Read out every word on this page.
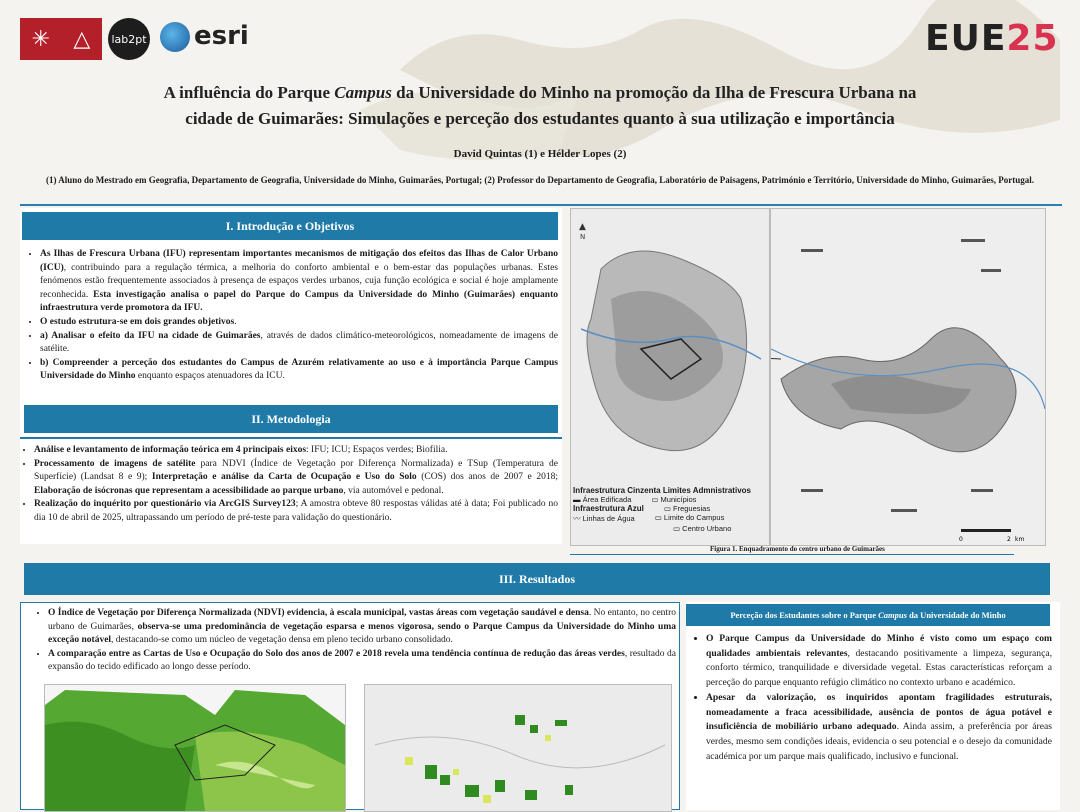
✳ △	lab2pt esri	EUE25
A influência do Parque Campus da Universidade do Minho na promoção da Ilha de Frescura Urbana na
cidade de Guimarães: Simulações e perceção dos estudantes quanto à sua utilização e importância
David Quintas (1) e Hélder Lopes (2)
(1) Aluno do Mestrado em Geografia, Departamento de Geografia, Universidade do Minho, Guimarães, Portugal; (2) Professor do Departamento de Geografia, Laboratório de Paisagens, Património e Território, Universidade do Minho, Guimarães, Portugal.
I. Introdução e Objetivos
• As Ilhas de Frescura Urbana (IFU) representam importantes mecanismos de mitigação dos efeitos das Ilhas de Calor Urbano (ICU), contribuindo para a regulação térmica, a melhoria do conforto ambiental e o bem-estar das populações urbanas. Estes fenómenos estão frequentemente associados à presença de espaços verdes urbanos, cuja função ecológica e social é hoje amplamente reconhecida. Esta investigação analisa o papel do Parque do Campus da Universidade do Minho (Guimarães) enquanto infraestrutura verde promotora da IFU.
• O estudo estrutura-se em dois grandes objetivos.
• a) Analisar o efeito da IFU na cidade de Guimarães, através de dados climático-meteorológicos, nomeadamente de imagens de satélite.
• b) Compreender a perceção dos estudantes do Campus de Azurém relativamente ao uso e à importância Parque Campus Universidade do Minho enquanto espaços atenuadores da ICU.
II. Metodologia
• Análise e levantamento de informação teórica em 4 principais eixos: IFU; ICU; Espaços verdes; Biofilia.
• Processamento de imagens de satélite para NDVI (Índice de Vegetação por Diferença Normalizada) e TSup (Temperatura de Superfície) (Landsat 8 e 9); Interpretação e análise da Carta de Ocupação e Uso do Solo (COS) dos anos de 2007 e 2018; Elaboração de isócronas que representam a acessibilidade ao parque urbano, via automóvel e pedonal.
• Realização do inquérito por questionário via ArcGIS Survey123; A amostra obteve 80 respostas válidas até à data; Foi publicado no dia 10 de abril de 2025, ultrapassando um período de pré-teste para validação do questionário.
▲
N
0	2 km
Infraestrutura Cinzenta Limites Admnistrativos
▬ Área Edificada	▭ Municípios
Infraestrutura Azul	▭ Freguesias
〰 Linhas de Água	▭ Limite do Campus
▭ Centro Urbano
Figura 1. Enquadramento do centro urbano de Guimarães
III. Resultados
• O Índice de Vegetação por Diferença Normalizada (NDVI) evidencia, à escala municipal, vastas áreas com vegetação saudável e densa. No entanto, no centro urbano de Guimarães, observa-se uma predominância de vegetação esparsa e menos vigorosa, sendo o Parque Campus da Universidade do Minho uma exceção notável, destacando-se como um núcleo de vegetação densa em pleno tecido urbano consolidado.
• A comparação entre as Cartas de Uso e Ocupação do Solo dos anos de 2007 e 2018 revela uma tendência contínua de redução das áreas verdes, resultado da expansão do tecido edificado ao longo desse período.
Perceção dos Estudantes sobre o Parque Campus da Universidade do Minho
• O Parque Campus da Universidade do Minho é visto como um espaço com qualidades ambientais relevantes, destacando positivamente a limpeza, segurança, conforto térmico, tranquilidade e diversidade vegetal. Estas características reforçam a perceção do parque enquanto refúgio climático no contexto urbano e académico.
• Apesar da valorização, os inquiridos apontam fragilidades estruturais, nomeadamente a fraca acessibilidade, ausência de pontos de água potável e insuficiência de mobiliário urbano adequado. Ainda assim, a preferência por áreas verdes, mesmo sem condições ideais, evidencia o seu potencial e o desejo da comunidade académica por um parque mais qualificado, inclusivo e funcional.
